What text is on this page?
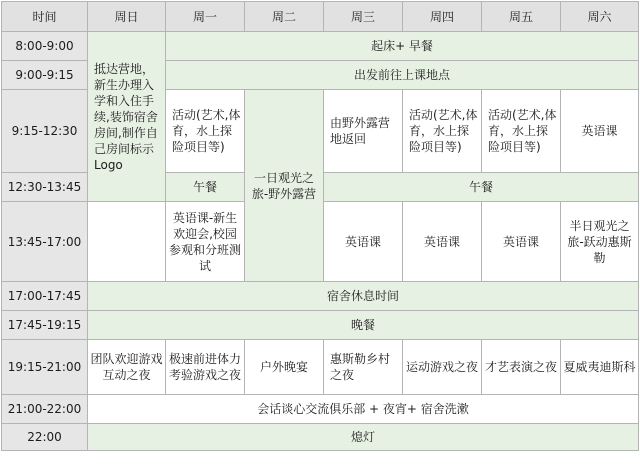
时间	周日	周一	周二	周三	周四	周五	周六
8:00-9:00	抵达营地，新生办理入学和入住手续,装饰宿舍房间,制作自己房间标示Logo	起床+ 早餐					
9:00-9:15		出发前往上课地点					
9:15-12:30		活动(艺术,体育，水上探险项目等)	一日观光之旅-野外露营	由野外露营地返回	活动(艺术,体育，水上探险项目等)	活动(艺术,体育，水上探险项目等)	英语课
12:30-13:45		午餐		午餐			
13:45-17:00		英语课-新生欢迎会,校园参观和分班测试		英语课	英语课	英语课	半日观光之旅-跃动惠斯勒
17:00-17:45	宿舍休息时间						
17:45-19:15	晚餐						
19:15-21:00	团队欢迎游戏互动之夜	极速前进体力考验游戏之夜	户外晚宴	惠斯勒乡村之夜	运动游戏之夜	才艺表演之夜	夏威夷迪斯科
21:00-22:00	会话谈心交流俱乐部 + 夜宵+ 宿舍洗漱						
22:00	熄灯						
